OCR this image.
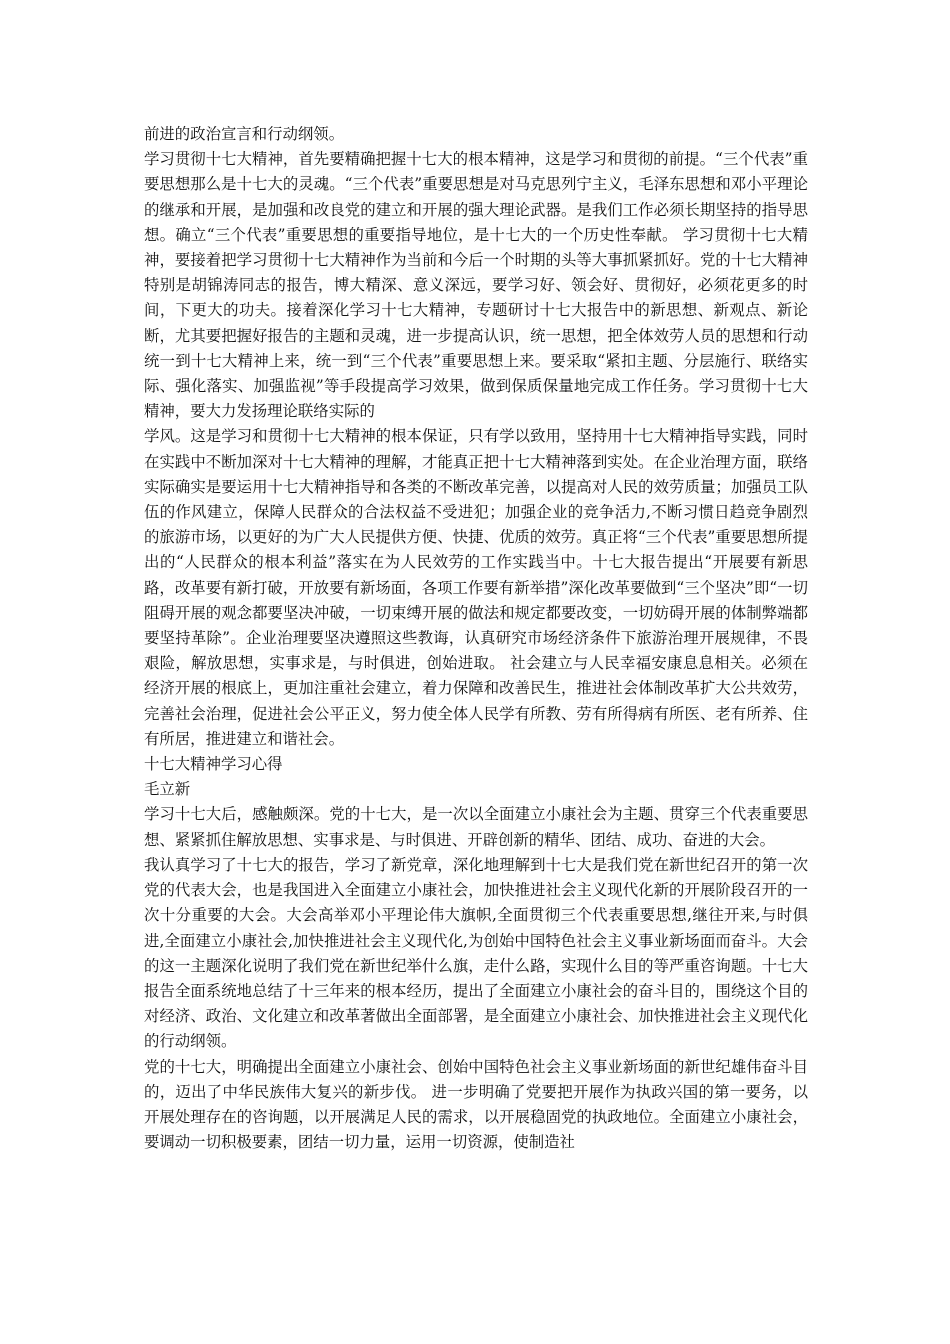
前进的政治宣言和行动纲领。

学习贯彻十七大精神，首先要精确把握十七大的根本精神，这是学习和贯彻的前提。“三个代表”重要思想那么是十七大的灵魂。“三个代表”重要思想是对马克思列宁主义，毛泽东思想和邓小平理论的继承和开展，是加强和改良党的建立和开展的强大理论武器。是我们工作必须长期坚持的指导思想。确立“三个代表”重要思想的重要指导地位，是十七大的一个历史性奉献。 学习贯彻十七大精神，要接着把学习贯彻十七大精神作为当前和今后一个时期的头等大事抓紧抓好。党的十七大精神特别是胡锦涛同志的报告，博大精深、意义深远，要学习好、领会好、贯彻好，必须花更多的时间，下更大的功夫。接着深化学习十七大精神，专题研讨十七大报告中的新思想、新观点、新论断，尤其要把握好报告的主题和灵魂，进一步提高认识，统一思想，把全体效劳人员的思想和行动统一到十七大精神上来，统一到“三个代表”重要思想上来。要采取“紧扣主题、分层施行、联络实际、强化落实、加强监视”等手段提高学习效果，做到保质保量地完成工作任务。学习贯彻十七大精神，要大力发扬理论联络实际的

学风。这是学习和贯彻十七大精神的根本保证，只有学以致用，坚持用十七大精神指导实践，同时在实践中不断加深对十七大精神的理解，才能真正把十七大精神落到实处。在企业治理方面，联络实际确实是要运用十七大精神指导和各类的不断改革完善，以提高对人民的效劳质量；加强员工队伍的作风建立，保障人民群众的合法权益不受进犯；加强企业的竞争活力,不断习惯日趋竞争剧烈的旅游市场，以更好的为广大人民提供方便、快捷、优质的效劳。真正将“三个代表”重要思想所提出的“人民群众的根本利益”落实在为人民效劳的工作实践当中。十七大报告提出“开展要有新思路，改革要有新打破，开放要有新场面，各项工作要有新举措”深化改革要做到“三个坚决”即“一切阻碍开展的观念都要坚决冲破，一切束缚开展的做法和规定都要改变，一切妨碍开展的体制弊端都要坚持革除”。企业治理要坚决遵照这些教诲，认真研究市场经济条件下旅游治理开展规律，不畏艰险，解放思想，实事求是，与时俱进，创始进取。 社会建立与人民幸福安康息息相关。必须在经济开展的根底上，更加注重社会建立，着力保障和改善民生，推进社会体制改革扩大公共效劳，完善社会治理，促进社会公平正义，努力使全体人民学有所教、劳有所得病有所医、老有所养、住有所居，推进建立和谐社会。

十七大精神学习心得

毛立新

学习十七大后，感触颇深。党的十七大，是一次以全面建立小康社会为主题、贯穿三个代表重要思想、紧紧抓住解放思想、实事求是、与时俱进、开辟创新的精华、团结、成功、奋进的大会。

我认真学习了十七大的报告，学习了新党章，深化地理解到十七大是我们党在新世纪召开的第一次党的代表大会，也是我国进入全面建立小康社会，加快推进社会主义现代化新的开展阶段召开的一次十分重要的大会。大会高举邓小平理论伟大旗帜,全面贯彻三个代表重要思想,继往开来,与时俱进,全面建立小康社会,加快推进社会主义现代化,为创始中国特色社会主义事业新场面而奋斗。大会的这一主题深化说明了我们党在新世纪举什么旗，走什么路，实现什么目的等严重咨询题。十七大报告全面系统地总结了十三年来的根本经历，提出了全面建立小康社会的奋斗目的，围绕这个目的对经济、政治、文化建立和改革著做出全面部署，是全面建立小康社会、加快推进社会主义现代化的行动纲领。

党的十七大，明确提出全面建立小康社会、创始中国特色社会主义事业新场面的新世纪雄伟奋斗目的，迈出了中华民族伟大复兴的新步伐。 进一步明确了党要把开展作为执政兴国的第一要务，以开展处理存在的咨询题，以开展满足人民的需求，以开展稳固党的执政地位。全面建立小康社会，要调动一切积极要素，团结一切力量，运用一切资源，使制造社
